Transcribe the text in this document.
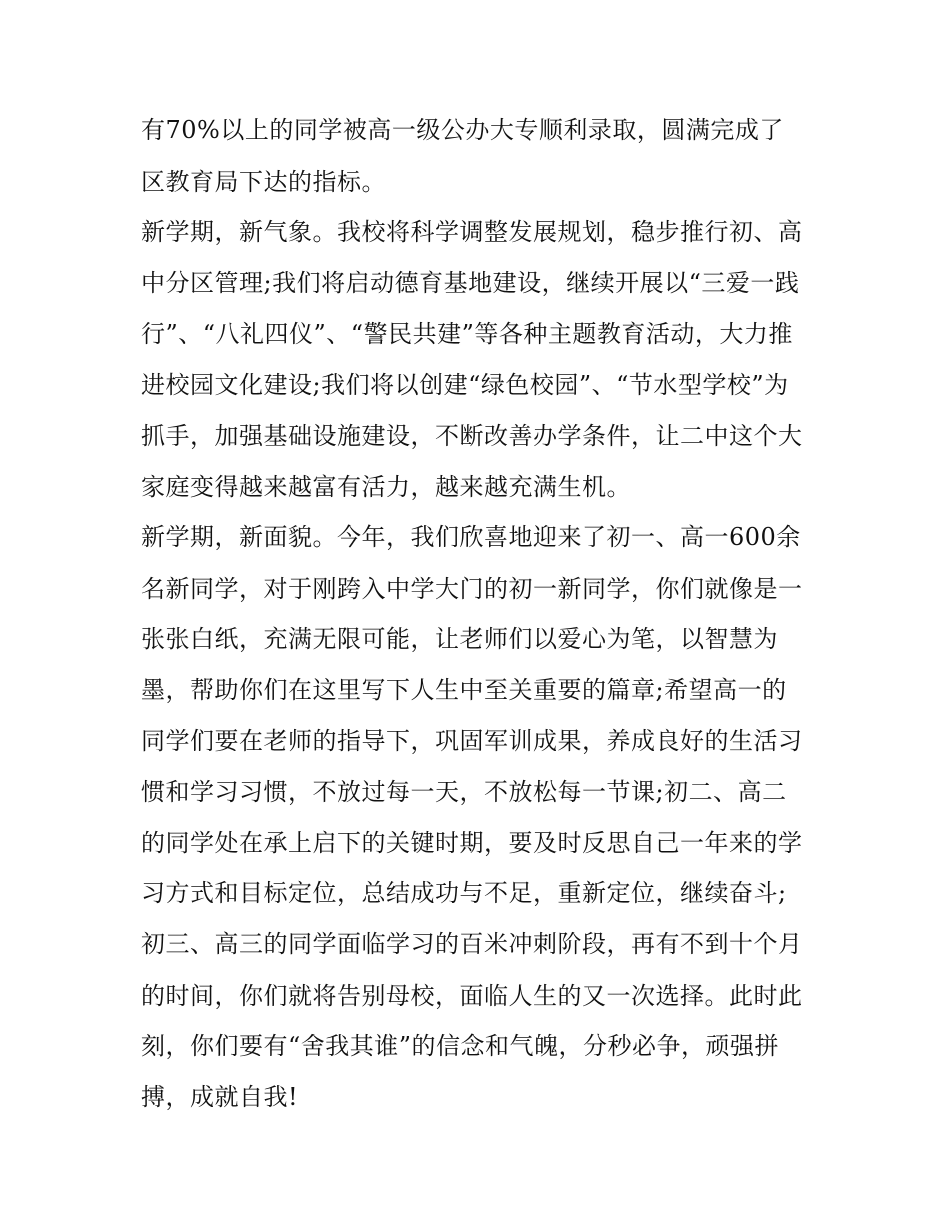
有70%以上的同学被高一级公办大专顺利录取，圆满完成了
区教育局下达的指标。
新学期，新气象。我校将科学调整发展规划，稳步推行初、高
中分区管理;我们将启动德育基地建设，继续开展以“三爱一践
行”、“八礼四仪”、“警民共建”等各种主题教育活动，大力推
进校园文化建设;我们将以创建“绿色校园”、“节水型学校”为
抓手，加强基础设施建设，不断改善办学条件，让二中这个大
家庭变得越来越富有活力，越来越充满生机。
新学期，新面貌。今年，我们欣喜地迎来了初一、高一600余
名新同学，对于刚跨入中学大门的初一新同学，你们就像是一
张张白纸，充满无限可能，让老师们以爱心为笔，以智慧为
墨，帮助你们在这里写下人生中至关重要的篇章;希望高一的
同学们要在老师的指导下，巩固军训成果，养成良好的生活习
惯和学习习惯，不放过每一天，不放松每一节课;初二、高二
的同学处在承上启下的关键时期，要及时反思自己一年来的学
习方式和目标定位，总结成功与不足，重新定位，继续奋斗;
初三、高三的同学面临学习的百米冲刺阶段，再有不到十个月
的时间，你们就将告别母校，面临人生的又一次选择。此时此
刻，你们要有“舍我其谁”的信念和气魄，分秒必争，顽强拼
搏，成就自我!
